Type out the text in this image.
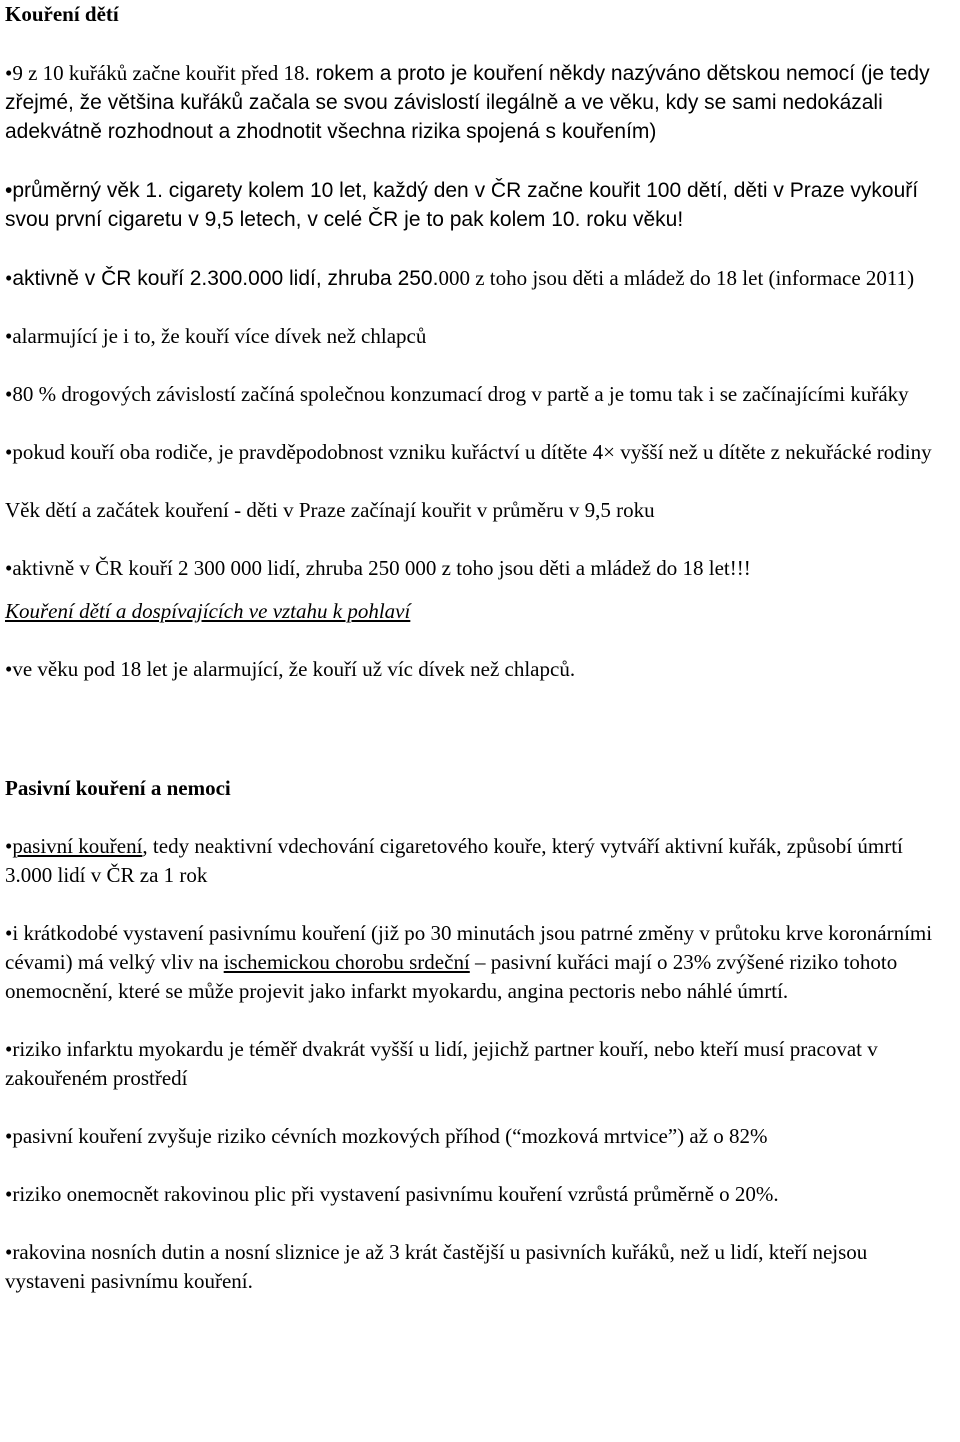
Kouření dětí

• 9 z 10 kuřáků začne kouřit před 18. rokem a proto je kouření někdy nazýváno dětskou nemocí (je tedy zřejmé, že většina kuřáků začala se svou závislostí ilegálně a ve věku, kdy se sami nedokázali adekvátně rozhodnout a zhodnotit všechna rizika spojená s kouřením)

• průměrný věk 1. cigarety kolem 10 let, každý den v ČR začne kouřit 100 dětí, děti v Praze vykouří svou první cigaretu v 9,5 letech, v celé ČR je to pak kolem 10. roku věku!

• aktivně v ČR kouří 2.300.000 lidí, zhruba 250.000 z toho jsou děti a mládež do 18 let (informace 2011)

• alarmující je i to, že kouří více dívek než chlapců

• 80 % drogových závislostí začíná společnou konzumací drog v partě a je tomu tak i se začínajícími kuřáky

• pokud kouří oba rodiče, je pravděpodobnost vzniku kuřáctví u dítěte 4× vyšší než u dítěte z nekuřácké rodiny

Věk dětí a začátek kouření - děti v Praze začínají kouřit v průměru v 9,5 roku

• aktivně v ČR kouří 2 300 000 lidí, zhruba 250 000 z toho jsou děti a mládež do 18 let!!!

Kouření dětí a dospívajících ve vztahu k pohlaví

• ve věku pod 18 let je alarmující, že kouří už víc dívek než chlapců.

Pasivní kouření a nemoci

• pasivní kouření, tedy neaktivní vdechování cigaretového kouře, který vytváří aktivní kuřák, způsobí úmrtí 3.000 lidí v ČR za 1 rok

• i krátkodobé vystavení pasivnímu kouření (již po 30 minutách jsou patrné změny v průtoku krve koronárními cévami) má velký vliv na ischemickou chorobu srdeční – pasivní kuřáci mají o 23% zvýšené riziko tohoto onemocnění, které se může projevit jako infarkt myokardu, angina pectoris nebo náhlé úmrtí.

• riziko infarktu myokardu je téměř dvakrát vyšší u lidí, jejichž partner kouří, nebo kteří musí pracovat v zakouřeném prostředí

• pasivní kouření zvyšuje riziko cévních mozkových příhod (“mozková mrtvice”) až o 82%

• riziko onemocnět rakovinou plic při vystavení pasivnímu kouření vzrůstá průměrně o 20%.

• rakovina nosních dutin a nosní sliznice je až 3 krát častější u pasivních kuřáků, než u lidí, kteří nejsou vystaveni pasivnímu kouření.
